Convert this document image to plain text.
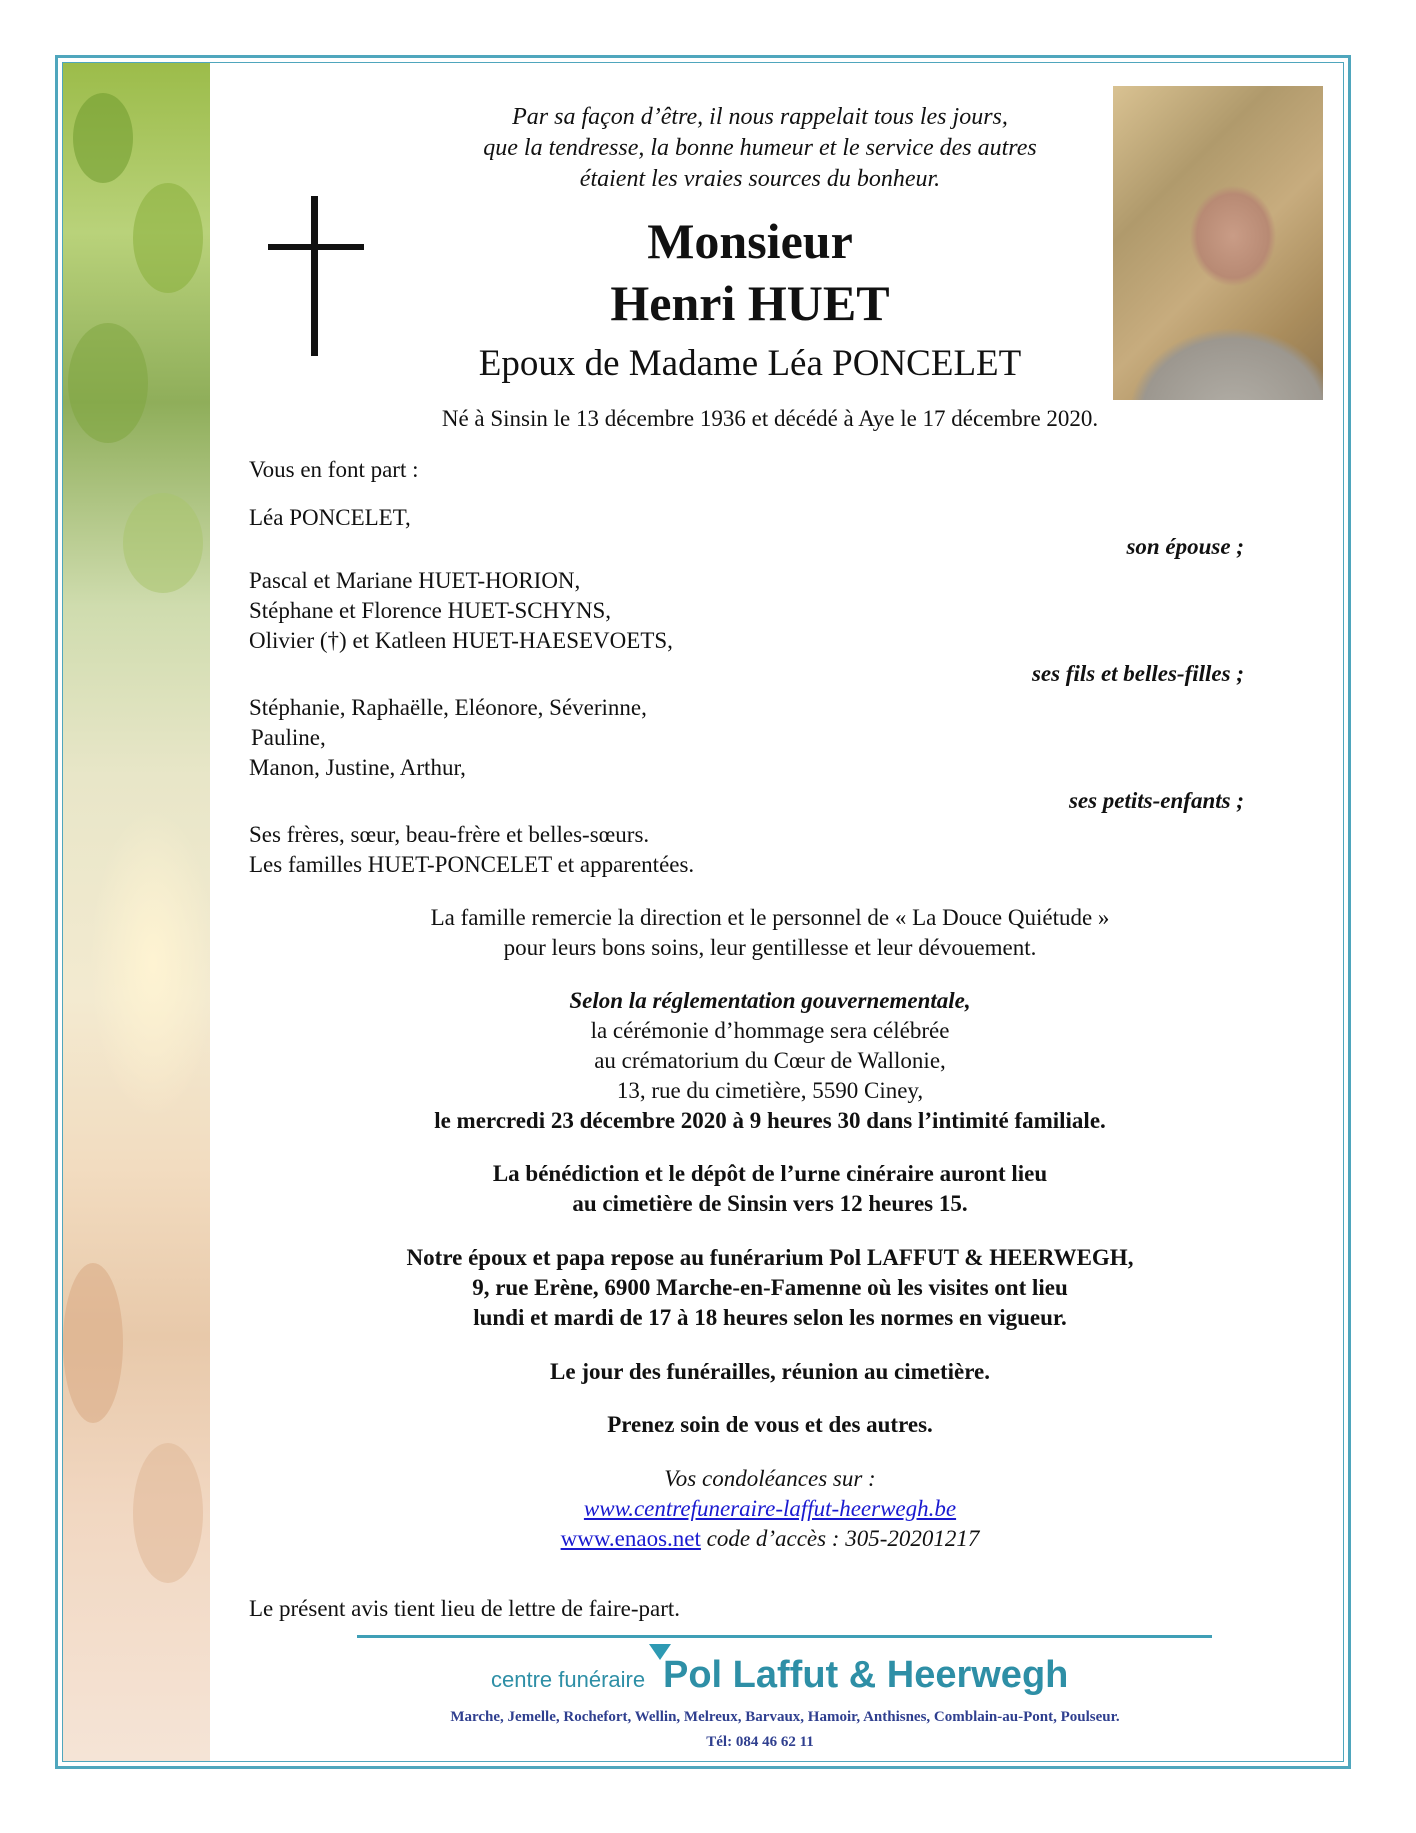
Par sa façon d’être, il nous rappelait tous les jours,
que la tendresse, la bonne humeur et le service des autres
étaient les vraies sources du bonheur.
Monsieur
Henri HUET
Epoux de Madame Léa PONCELET
Né à Sinsin le 13 décembre 1936 et décédé à Aye le 17 décembre 2020.
Vous en font part :
Léa PONCELET,
son épouse ;
Pascal et Mariane HUET-HORION,
Stéphane et Florence HUET-SCHYNS,
Olivier (†) et Katleen HUET-HAESEVOETS,
ses fils et belles-filles ;
Stéphanie, Raphaëlle, Eléonore, Séverinne,
Pauline,
Manon, Justine, Arthur,
ses petits-enfants ;
Ses frères, sœur, beau-frère et belles-sœurs.
Les familles HUET-PONCELET et apparentées.
La famille remercie la direction et le personnel de « La Douce Quiétude »
pour leurs bons soins, leur gentillesse et leur dévouement.
Selon la réglementation gouvernementale,
la cérémonie d’hommage sera célébrée
au crématorium du Cœur de Wallonie,
13, rue du cimetière, 5590 Ciney,
le mercredi 23 décembre 2020 à 9 heures 30 dans l’intimité familiale.
La bénédiction et le dépôt de l’urne cinéraire auront lieu
au cimetière de Sinsin vers 12 heures 15.
Notre époux et papa repose au funérarium Pol LAFFUT & HEERWEGH,
9, rue Erène, 6900 Marche-en-Famenne où les visites ont lieu
lundi et mardi de 17 à 18 heures selon les normes en vigueur.
Le jour des funérailles, réunion au cimetière.
Prenez soin de vous et des autres.
Vos condoléances sur :
www.centrefuneraire-laffut-heerwegh.be
www.enaos.net code d’accès : 305-20201217
Le présent avis tient lieu de lettre de faire-part.
centre funéraire Pol Laffut & Heerwegh
Marche, Jemelle, Rochefort, Wellin, Melreux, Barvaux, Hamoir, Anthisnes, Comblain-au-Pont, Poulseur.
Tél: 084 46 62 11
